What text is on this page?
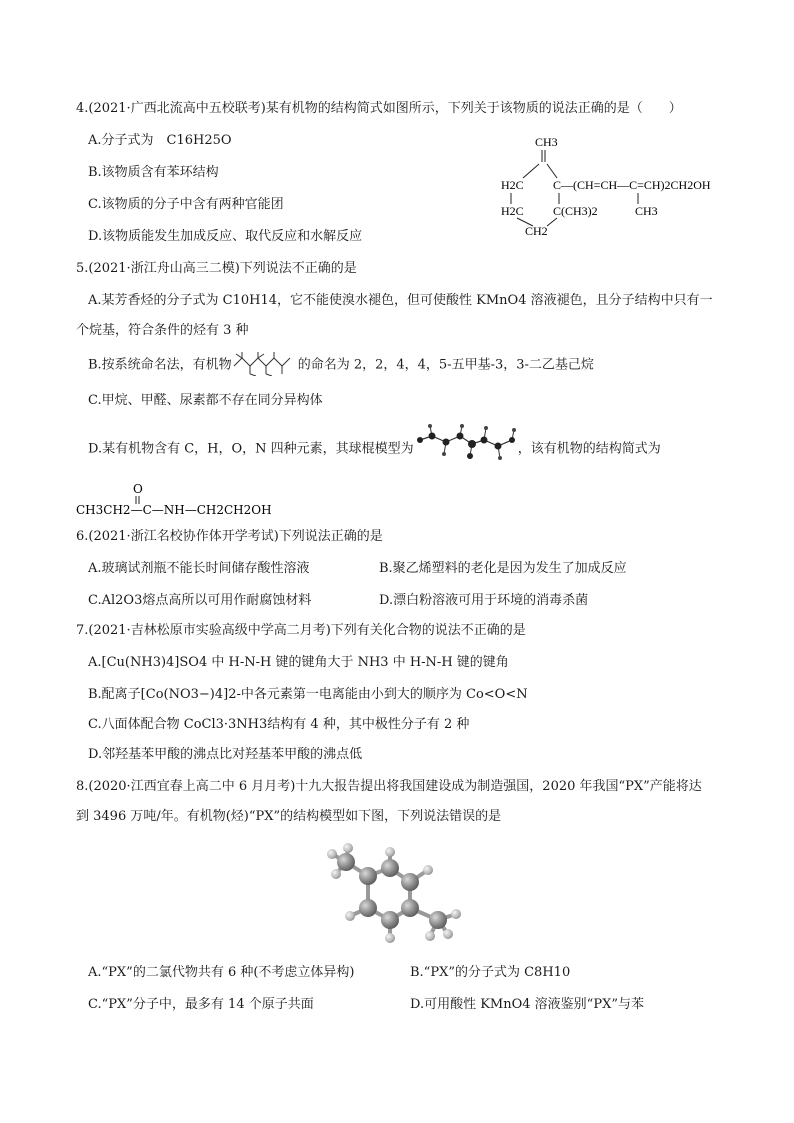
4.(2021·广西北流高中五校联考)某有机物的结构简式如图所示，下列关于该物质的说法正确的是（　　）
A.分子式为　C16H25O
B.该物质含有苯环结构
C.该物质的分子中含有两种官能团
D.该物质能发生加成反应、取代反应和水解反应
CH3
H2C C—(CH=CH—C=CH)2CH2OH
H2C C(CH3)2	CH3
CH2
5.(2021·浙江舟山高三二模)下列说法不正确的是
A.某芳香烃的分子式为 C10H14，它不能使溴水褪色，但可使酸性 KMnO4 溶液褪色，且分子结构中只有一
个烷基，符合条件的烃有 3 种
B.按系统命名法，有机物	的命名为 2，2，4，4，5-五甲基-3，3-二乙基己烷
C.甲烷、甲醛、尿素都不存在同分异构体
D.某有机物含有 C，H，O，N 四种元素，其球棍模型为	，该有机物的结构简式为
O
CH3CH2—C—NH—CH2CH2OH
6.(2021·浙江名校协作体开学考试)下列说法正确的是
A.玻璃试剂瓶不能长时间储存酸性溶液	B.聚乙烯塑料的老化是因为发生了加成反应
C.Al2O3熔点高所以可用作耐腐蚀材料	D.漂白粉溶液可用于环境的消毒杀菌
7.(2021·吉林松原市实验高级中学高二月考)下列有关化合物的说法不正确的是
A.[Cu(NH3)4]SO4 中 H-N-H 键的键角大于 NH3 中 H-N-H 键的键角
B.配离子[Co(NO3−)4]2-中各元素第一电离能由小到大的顺序为 Co<O<N
C.八面体配合物 CoCl3·3NH3结构有 4 种，其中极性分子有 2 种
D.邻羟基苯甲酸的沸点比对羟基苯甲酸的沸点低
8.(2020·江西宜春上高二中 6 月月考)十九大报告提出将我国建设成为制造强国，2020 年我国“PX”产能将达
到 3496 万吨/年。有机物(烃)“PX”的结构模型如下图，下列说法错误的是
A.“PX”的二氯代物共有 6 种(不考虑立体异构)	B.“PX”的分子式为 C8H10
C.“PX”分子中，最多有 14 个原子共面	D.可用酸性 KMnO4 溶液鉴别“PX”与苯
